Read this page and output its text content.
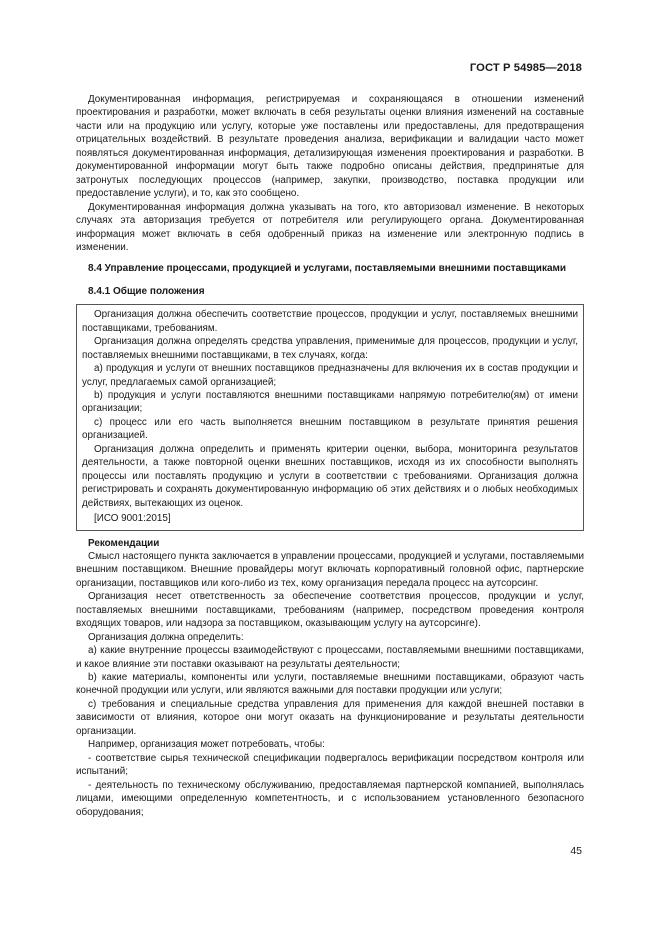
ГОСТ Р 54985—2018

Документированная информация, регистрируемая и сохраняющаяся в отношении изменений проектирования и разработки, может включать в себя результаты оценки влияния изменений на составные части или на продукцию или услугу, которые уже поставлены или предоставлены, для предотвращения отрицательных воздействий. В результате проведения анализа, верификации и валидации часто может появляться документированная информация, детализирующая изменения проектирования и разработки. В документированной информации могут быть также подробно описаны действия, предпринятые для затронутых последующих процессов (например, закупки, производство, поставка продукции или предоставление услуги), и то, как это сообщено.

Документированная информация должна указывать на того, кто авторизовал изменение. В некоторых случаях эта авторизация требуется от потребителя или регулирующего органа. Документированная информация может включать в себя одобренный приказ на изменение или электронную подпись в изменении.

8.4 Управление процессами, продукцией и услугами, поставляемыми внешними поставщиками

8.4.1 Общие положения

Организация должна обеспечить соответствие процессов, продукции и услуг, поставляемых внешними поставщиками, требованиям.

Организация должна определять средства управления, применимые для процессов, продукции и услуг, поставляемых внешними поставщиками, в тех случаях, когда:

a) продукция и услуги от внешних поставщиков предназначены для включения их в состав продукции и услуг, предлагаемых самой организацией;

b) продукция и услуги поставляются внешними поставщиками напрямую потребителю(ям) от имени организации;

c) процесс или его часть выполняется внешним поставщиком в результате принятия решения организацией.

Организация должна определить и применять критерии оценки, выбора, мониторинга результатов деятельности, а также повторной оценки внешних поставщиков, исходя из их способности выполнять процессы или поставлять продукцию и услуги в соответствии с требованиями. Организация должна регистрировать и сохранять документированную информацию об этих действиях и о любых необходимых действиях, вытекающих из оценок.

[ИСО 9001:2015]

Рекомендации

Смысл настоящего пункта заключается в управлении процессами, продукцией и услугами, поставляемыми внешним поставщиком. Внешние провайдеры могут включать корпоративный головной офис, партнерские организации, поставщиков или кого-либо из тех, кому организация передала процесс на аутсорсинг.

Организация несет ответственность за обеспечение соответствия процессов, продукции и услуг, поставляемых внешними поставщиками, требованиям (например, посредством проведения контроля входящих товаров, или надзора за поставщиком, оказывающим услугу на аутсорсинге).

Организация должна определить:

a) какие внутренние процессы взаимодействуют с процессами, поставляемыми внешними поставщиками, и какое влияние эти поставки оказывают на результаты деятельности;

b) какие материалы, компоненты или услуги, поставляемые внешними поставщиками, образуют часть конечной продукции или услуги, или являются важными для поставки продукции или услуги;

c) требования и специальные средства управления для применения для каждой внешней поставки в зависимости от влияния, которое они могут оказать на функционирование и результаты деятельности организации.

Например, организация может потребовать, чтобы:

- соответствие сырья технической спецификации подвергалось верификации посредством контроля или испытаний;

- деятельность по техническому обслуживанию, предоставляемая партнерской компанией, выполнялась лицами, имеющими определенную компетентность, и с использованием установленного безопасного оборудования;

45
